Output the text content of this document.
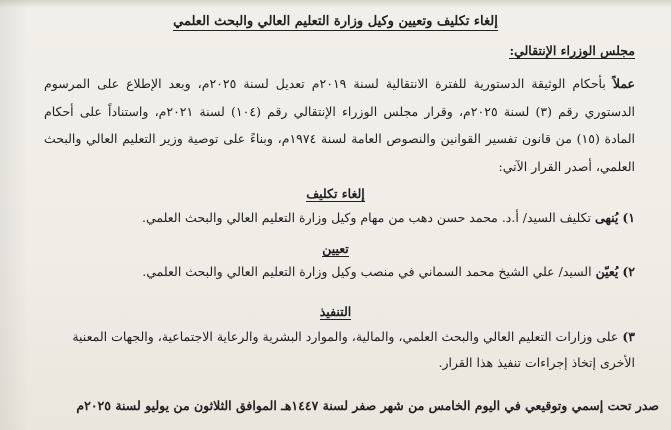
إلغاء تكليف وتعيين وكيل وزارة التعليم العالي والبحث العلمي
مجلس الوزراء الإنتقالي:
عملاً بأحكام الوثيقة الدستورية للفترة الانتقالية لسنة ٢٠١٩م تعديل لسنة ٢٠٢٥م، وبعد الإطلاع على المرسوم الدستوري رقم (٣) لسنة ٢٠٢٥م، وقرار مجلس الوزراء الإنتقالي رقم (١٠٤) لسنة ٢٠٢١م، واستناداً على أحكام المادة (١٥) من قانون تفسير القوانين والنصوص العامة لسنة ١٩٧٤م، وبناءً على توصية وزير التعليم العالي والبحث العلمي، أصدر القرار الآتي:
إلغاء تكليف
١) يُنهى تكليف السيد/ أ.د. محمد حسن دهب من مهام وكيل وزارة التعليم العالي والبحث العلمي.
تعيين
٢) يُعيّن السيد/ علي الشيخ محمد السماني في منصب وكيل وزارة التعليم العالي والبحث العلمي.
التنفيذ
٣) على وزارات التعليم العالي والبحث العلمي، والمالية، والموارد البشرية والرعاية الاجتماعية، والجهات المعنية الأخرى إتخاذ إجراءات تنفيذ هذا القرار.
صدر تحت إسمي وتوقيعي في اليوم الخامس من شهر صفر لسنة ١٤٤٧هـ الموافق الثلاثون من يوليو لسنة ٢٠٢٥م
